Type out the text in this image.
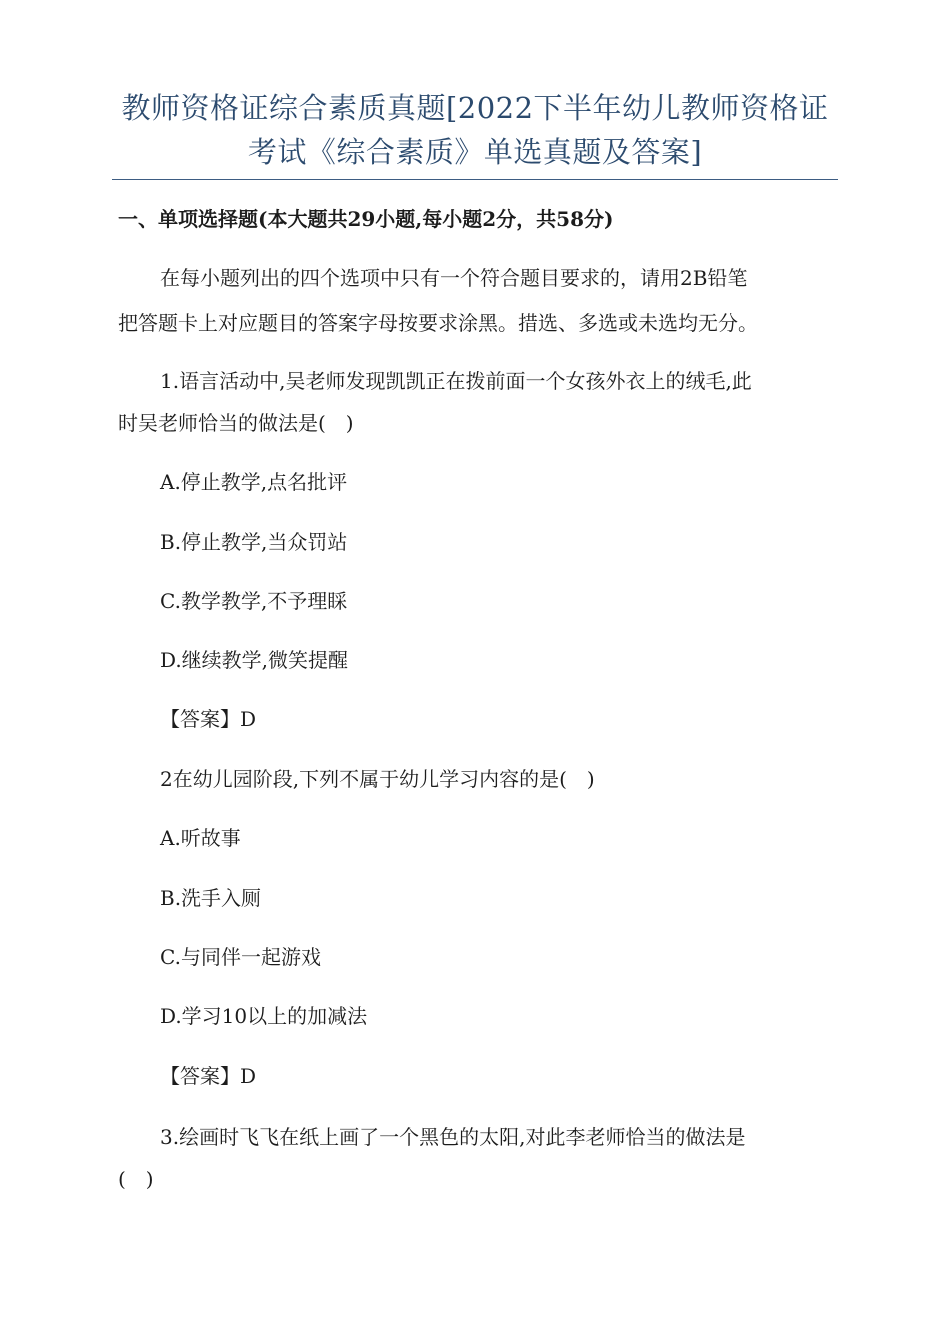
教师资格证综合素质真题[2022下半年幼儿教师资格证
考试《综合素质》单选真题及答案]
一、单项选择题(本大题共29小题,每小题2分，共58分)
在每小题列出的四个选项中只有一个符合题目要求的，请用2B铅笔
把答题卡上对应题目的答案字母按要求涂黑。措选、多选或未选均无分。
1.语言活动中,吴老师发现凯凯正在拨前面一个女孩外衣上的绒毛,此
时吴老师恰当的做法是(　)
A.停止教学,点名批评
B.停止教学,当众罚站
C.教学教学,不予理睬
D.继续教学,微笑提醒
【答案】D
2在幼儿园阶段,下列不属于幼儿学习内容的是(　)
A.听故事
B.洗手入厕
C.与同伴一起游戏
D.学习10以上的加减法
【答案】D
3.绘画时飞飞在纸上画了一个黑色的太阳,对此李老师恰当的做法是
(　)
